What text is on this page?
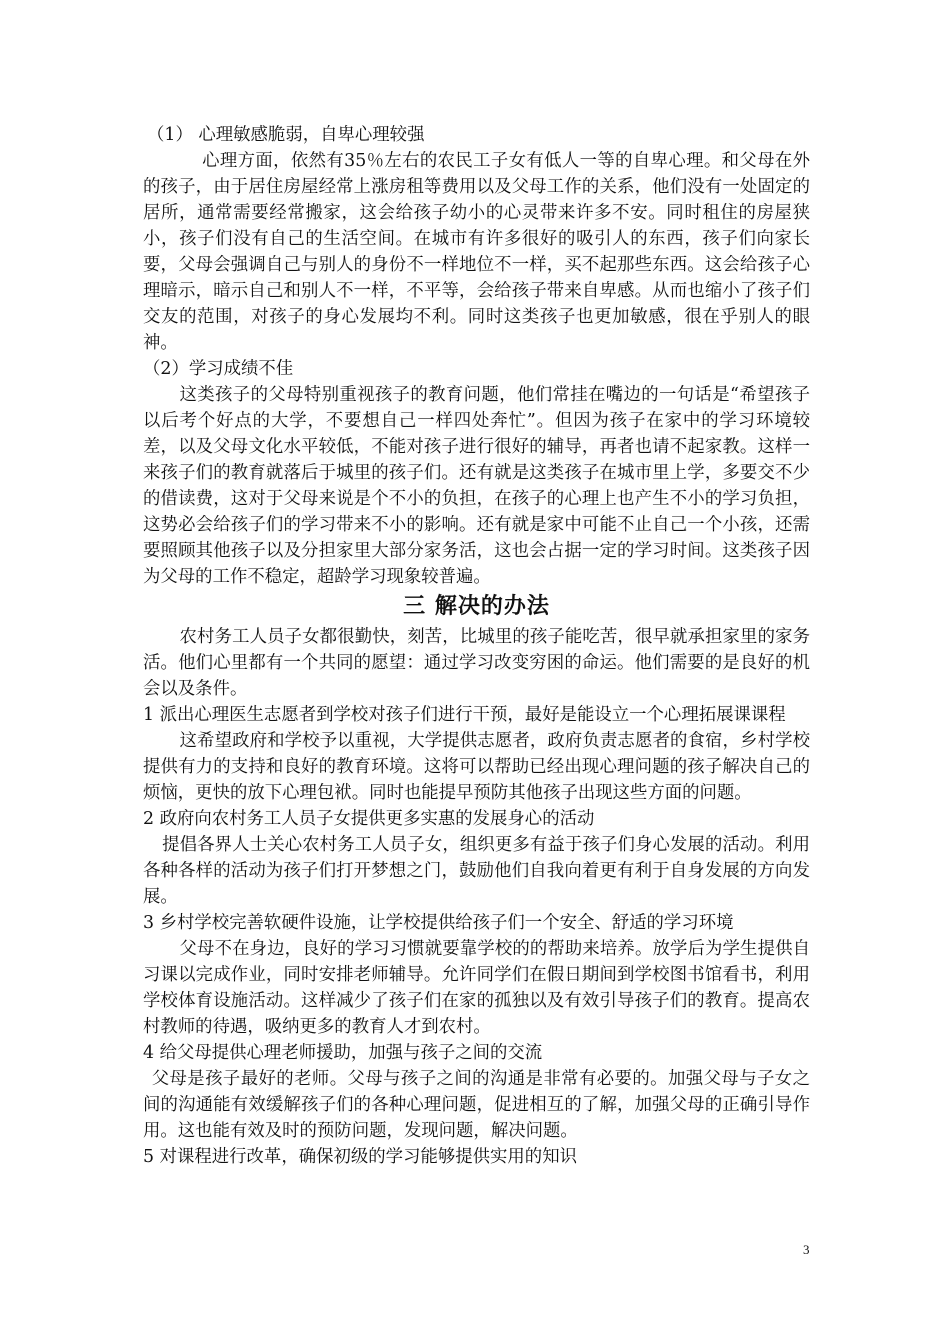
（1） 心理敏感脆弱，自卑心理较强

心理方面，依然有35％左右的农民工子女有低人一等的自卑心理。和父母在外的孩子，由于居住房屋经常上涨房租等费用以及父母工作的关系，他们没有一处固定的居所，通常需要经常搬家，这会给孩子幼小的心灵带来许多不安。同时租住的房屋狭小，孩子们没有自己的生活空间。在城市有许多很好的吸引人的东西，孩子们向家长要，父母会强调自己与别人的身份不一样地位不一样，买不起那些东西。这会给孩子心理暗示，暗示自己和别人不一样，不平等，会给孩子带来自卑感。从而也缩小了孩子们交友的范围，对孩子的身心发展均不利。同时这类孩子也更加敏感，很在乎别人的眼神。

（2）学习成绩不佳

这类孩子的父母特别重视孩子的教育问题，他们常挂在嘴边的一句话是“希望孩子以后考个好点的大学，不要想自己一样四处奔忙”。但因为孩子在家中的学习环境较差，以及父母文化水平较低，不能对孩子进行很好的辅导，再者也请不起家教。这样一来孩子们的教育就落后于城里的孩子们。还有就是这类孩子在城市里上学，多要交不少的借读费，这对于父母来说是个不小的负担，在孩子的心理上也产生不小的学习负担，这势必会给孩子们的学习带来不小的影响。还有就是家中可能不止自己一个小孩，还需要照顾其他孩子以及分担家里大部分家务活，这也会占据一定的学习时间。这类孩子因为父母的工作不稳定，超龄学习现象较普遍。

三 解决的办法

农村务工人员子女都很勤快，刻苦，比城里的孩子能吃苦，很早就承担家里的家务活。他们心里都有一个共同的愿望：通过学习改变穷困的命运。他们需要的是良好的机会以及条件。

1 派出心理医生志愿者到学校对孩子们进行干预，最好是能设立一个心理拓展课课程

这希望政府和学校予以重视，大学提供志愿者，政府负责志愿者的食宿，乡村学校提供有力的支持和良好的教育环境。这将可以帮助已经出现心理问题的孩子解决自己的烦恼，更快的放下心理包袱。同时也能提早预防其他孩子出现这些方面的问题。

2 政府向农村务工人员子女提供更多实惠的发展身心的活动

提倡各界人士关心农村务工人员子女，组织更多有益于孩子们身心发展的活动。利用各种各样的活动为孩子们打开梦想之门，鼓励他们自我向着更有利于自身发展的方向发展。

3 乡村学校完善软硬件设施，让学校提供给孩子们一个安全、舒适的学习环境

父母不在身边，良好的学习习惯就要靠学校的的帮助来培养。放学后为学生提供自习课以完成作业，同时安排老师辅导。允许同学们在假日期间到学校图书馆看书，利用学校体育设施活动。这样减少了孩子们在家的孤独以及有效引导孩子们的教育。提高农村教师的待遇，吸纳更多的教育人才到农村。

4 给父母提供心理老师援助，加强与孩子之间的交流

父母是孩子最好的老师。父母与孩子之间的沟通是非常有必要的。加强父母与子女之间的沟通能有效缓解孩子们的各种心理问题，促进相互的了解，加强父母的正确引导作用。这也能有效及时的预防问题，发现问题，解决问题。

5 对课程进行改革，确保初级的学习能够提供实用的知识

3
